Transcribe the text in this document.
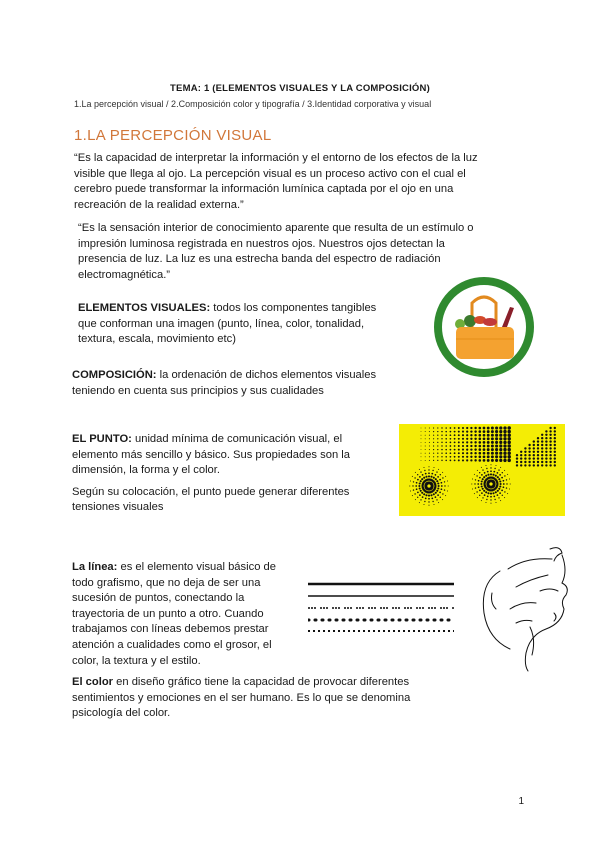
TEMA: 1 (ELEMENTOS VISUALES Y LA COMPOSICIÓN)
1.La percepción visual / 2.Composición color y tipografía / 3.Identidad corporativa y visual
1.LA PERCEPCIÓN VISUAL
“Es la capacidad de interpretar la información y el entorno de los efectos de la luz
visible que llega al ojo. La percepción visual es un proceso activo con el cual el
cerebro puede transformar la información lumínica captada por el ojo en una
recreación de la realidad externa.”
“Es la sensación interior de conocimiento aparente que resulta de un estímulo o
impresión luminosa registrada en nuestros ojos. Nuestros ojos detectan la
presencia de luz. La luz es una estrecha banda del espectro de radiación
electromagnética.”
ELEMENTOS VISUALES: todos los componentes tangibles
que conforman una imagen (punto, línea, color, tonalidad,
textura, escala, movimiento etc)
COMPOSICIÓN: la ordenación de dichos elementos visuales
teniendo en cuenta sus principios y sus cualidades
EL PUNTO: unidad mínima de comunicación visual, el
elemento más sencillo y básico. Sus propiedades son la
dimensión, la forma y el color.
Según su colocación, el punto puede generar diferentes
tensiones visuales
La línea: es el elemento visual básico de
todo grafismo, que no deja de ser una
sucesión de puntos, conectando la
trayectoria de un punto a otro. Cuando
trabajamos con líneas debemos prestar
atención a cualidades como el grosor, el
color, la textura y el estilo.
El color en diseño gráfico tiene la capacidad de provocar diferentes
sentimientos y emociones en el ser humano. Es lo que se denomina
psicología del color.
1
